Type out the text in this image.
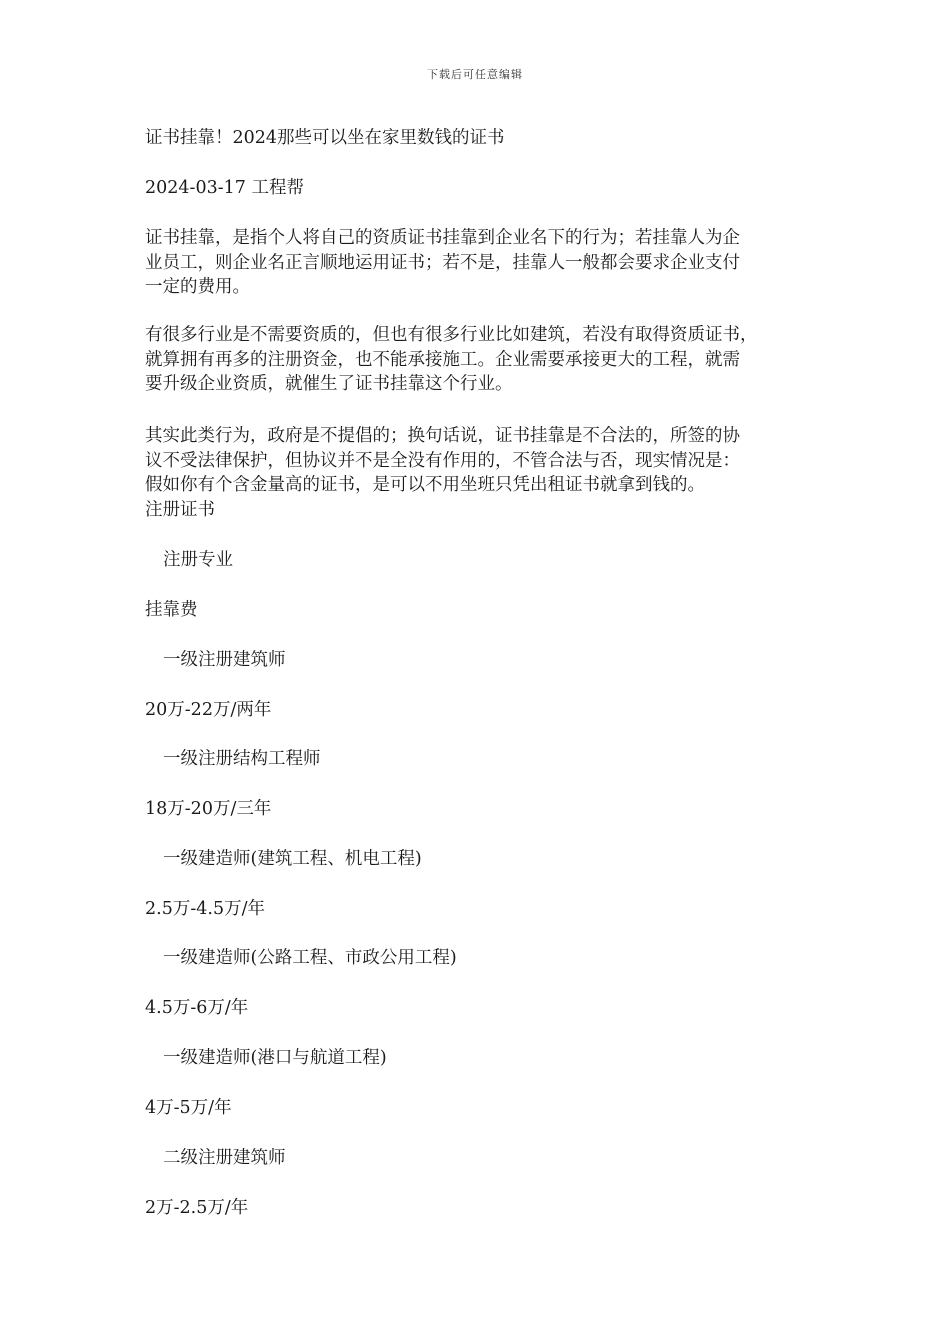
下载后可任意编辑
证书挂靠！2024那些可以坐在家里数钱的证书
2024-03-17 工程帮
证书挂靠，是指个人将自己的资质证书挂靠到企业名下的行为；若挂靠人为企
业员工，则企业名正言顺地运用证书；若不是，挂靠人一般都会要求企业支付
一定的费用。
有很多行业是不需要资质的，但也有很多行业比如建筑，若没有取得资质证书，
就算拥有再多的注册资金，也不能承接施工。企业需要承接更大的工程，就需
要升级企业资质，就催生了证书挂靠这个行业。
其实此类行为，政府是不提倡的；换句话说，证书挂靠是不合法的，所签的协
议不受法律保护，但协议并不是全没有作用的，不管合法与否，现实情况是：
假如你有个含金量高的证书，是可以不用坐班只凭出租证书就拿到钱的。
注册证书
注册专业
挂靠费
一级注册建筑师
20万-22万/两年
一级注册结构工程师
18万-20万/三年
一级建造师(建筑工程、机电工程)
2.5万-4.5万/年
一级建造师(公路工程、市政公用工程)
4.5万-6万/年
一级建造师(港口与航道工程)
4万-5万/年
二级注册建筑师
2万-2.5万/年
